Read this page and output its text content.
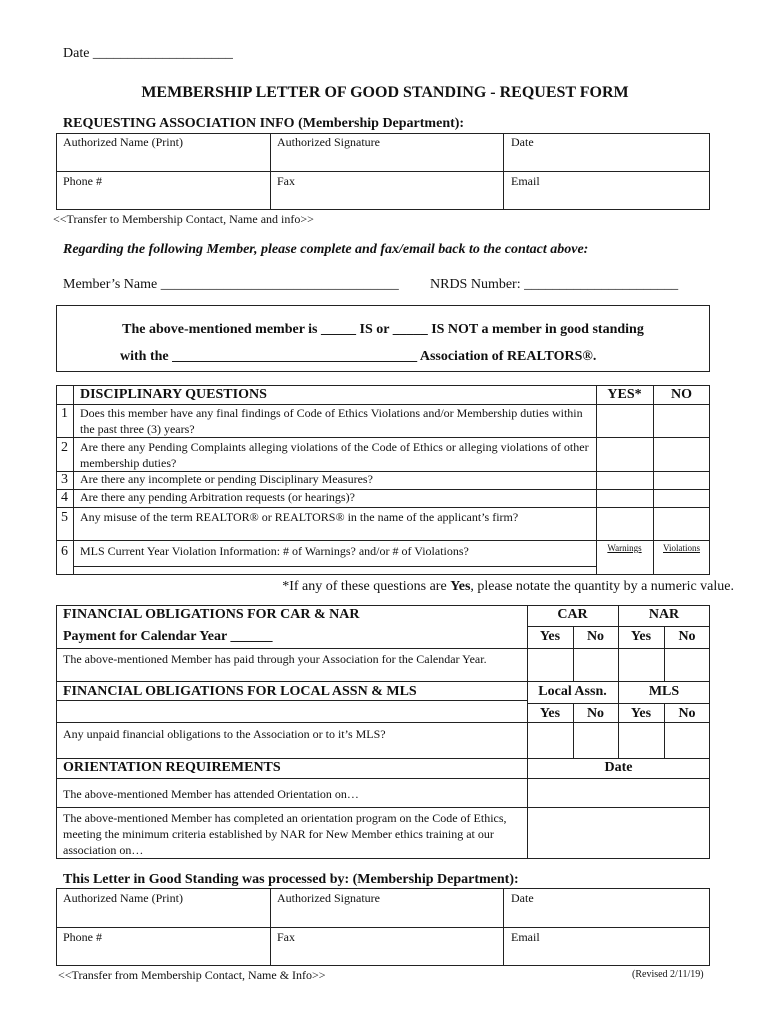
Date ____________________
MEMBERSHIP LETTER OF GOOD STANDING - REQUEST FORM
REQUESTING ASSOCIATION INFO (Membership Department):
Authorized Name (Print)	Authorized Signature	Date
Phone #	Fax	Email
<<Transfer to Membership Contact, Name and info>>
Regarding the following Member, please complete and fax/email back to the contact above:
Member’s Name __________________________________ NRDS Number: ______________________
The above-mentioned member is _____ IS or _____ IS NOT a member in good standing
with the ___________________________________ Association of REALTORS®.
DISCIPLINARY QUESTIONS	YES*	NO
1	Does this member have any final findings of Code of Ethics Violations and/or Membership duties within the past three (3) years?
2	Are there any Pending Complaints alleging violations of the Code of Ethics or alleging violations of other membership duties?
3	Are there any incomplete or pending Disciplinary Measures?
4	Are there any pending Arbitration requests (or hearings)?
5	Any misuse of the term REALTOR® or REALTORS® in the name of the applicant’s firm?
6	MLS Current Year Violation Information: # of Warnings? and/or # of Violations?	Warnings	Violations
*If any of these questions are Yes, please notate the quantity by a numeric value.
FINANCIAL OBLIGATIONS FOR CAR & NAR	CAR	NAR
Payment for Calendar Year ______	Yes	No	Yes	No
The above-mentioned Member has paid through your Association for the Calendar Year.
FINANCIAL OBLIGATIONS FOR LOCAL ASSN & MLS	Local Assn.	MLS
Yes	No	Yes	No
Any unpaid financial obligations to the Association or to it’s MLS?
ORIENTATION REQUIREMENTS	Date
The above-mentioned Member has attended Orientation on…
The above-mentioned Member has completed an orientation program on the Code of Ethics, meeting the minimum criteria established by NAR for New Member ethics training at our association on…
This Letter in Good Standing was processed by: (Membership Department):
Authorized Name (Print)	Authorized Signature	Date
Phone #	Fax	Email
<<Transfer from Membership Contact, Name & Info>>	(Revised 2/11/19)
